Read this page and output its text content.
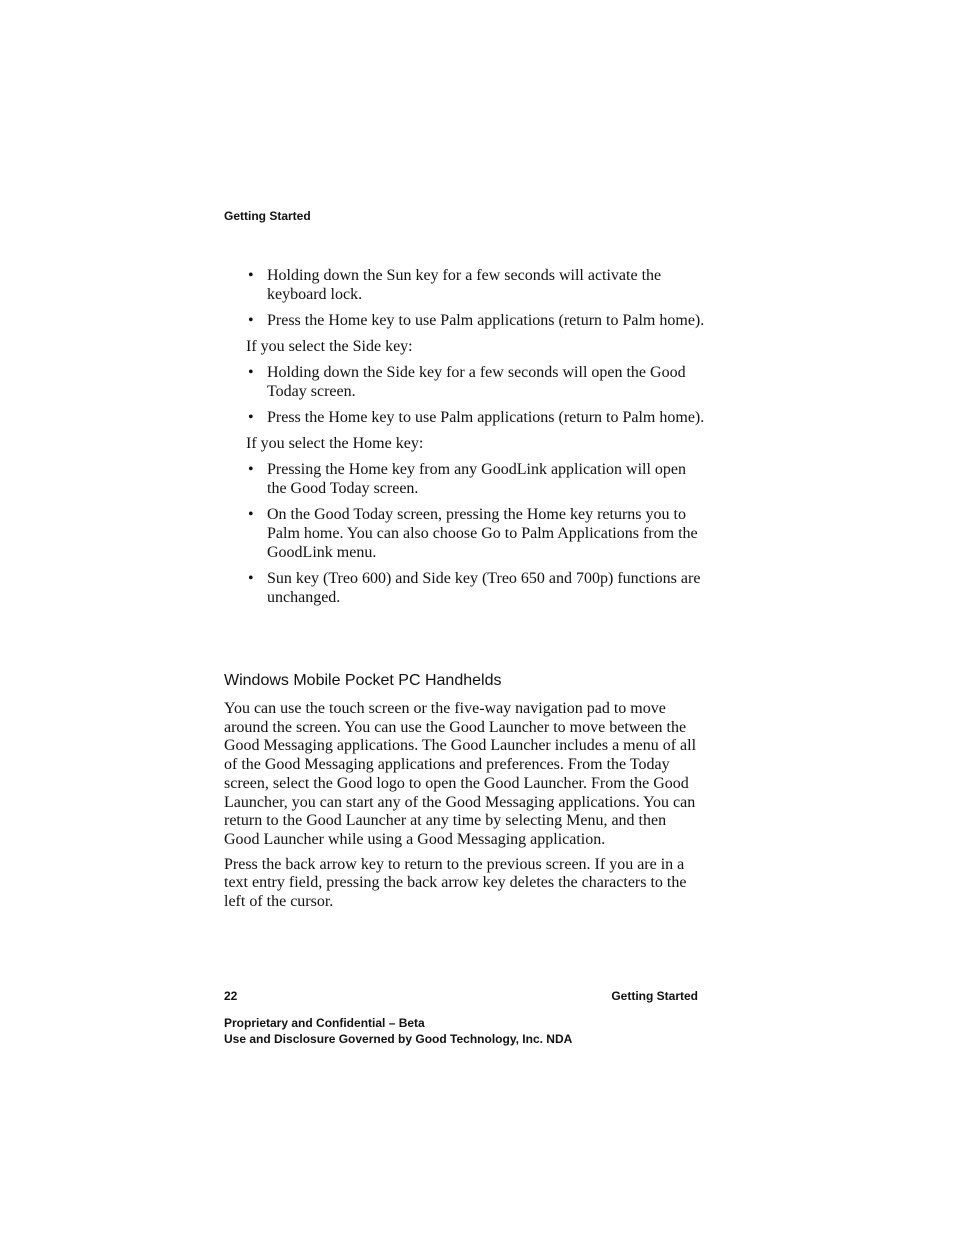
Getting Started
• Holding down the Sun key for a few seconds will activate the keyboard lock.
• Press the Home key to use Palm applications (return to Palm home).

If you select the Side key:

• Holding down the Side key for a few seconds will open the Good Today screen.
• Press the Home key to use Palm applications (return to Palm home).

If you select the Home key:

• Pressing the Home key from any GoodLink application will open the Good Today screen.
• On the Good Today screen, pressing the Home key returns you to Palm home. You can also choose Go to Palm Applications from the GoodLink menu.
• Sun key (Treo 600) and Side key (Treo 650 and 700p) functions are unchanged.
Windows Mobile Pocket PC Handhelds

You can use the touch screen or the five-way navigation pad to move around the screen. You can use the Good Launcher to move between the Good Messaging applications. The Good Launcher includes a menu of all of the Good Messaging applications and preferences. From the Today screen, select the Good logo to open the Good Launcher. From the Good Launcher, you can start any of the Good Messaging applications. You can return to the Good Launcher at any time by selecting Menu, and then Good Launcher while using a Good Messaging application.

Press the back arrow key to return to the previous screen. If you are in a text entry field, pressing the back arrow key deletes the characters to the left of the cursor.

22	Getting Started
Proprietary and Confidential – Beta
Use and Disclosure Governed by Good Technology, Inc. NDA
